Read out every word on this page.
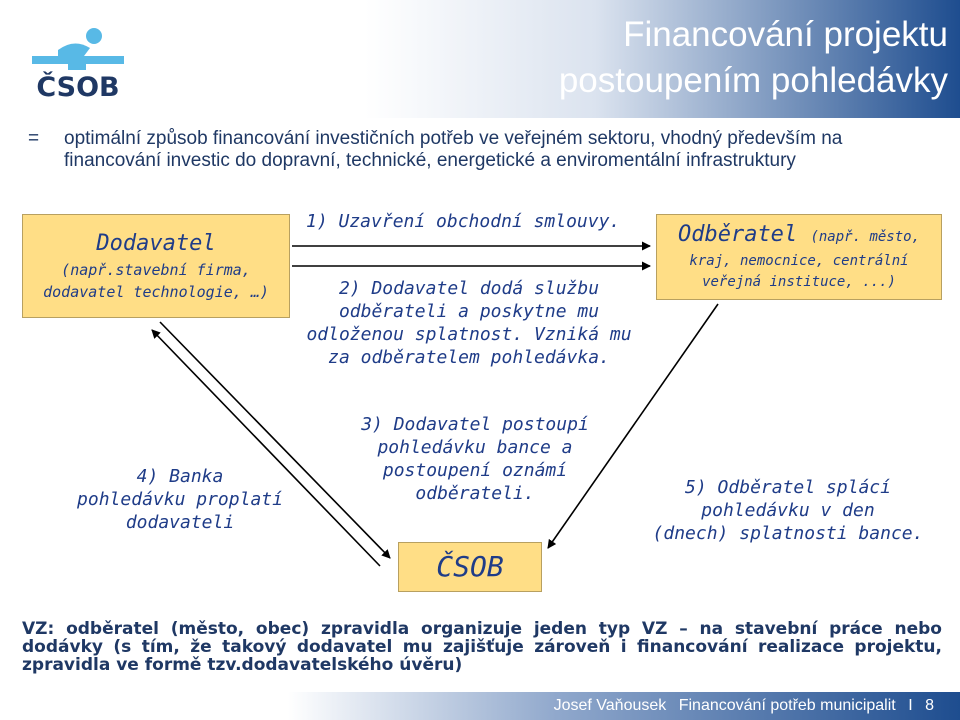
ČSOB
Financování projektu
postoupením pohledávky
=	optimální způsob financování investičních potřeb ve veřejném sektoru, vhodný především na financování investic do dopravní, technické, energetické a enviromentální infrastruktury
Dodavatel
(např.stavební firma,
dodavatel technologie, …)
Odběratel (např. město,
kraj, nemocnice, centrální
veřejná instituce, ...)
1) Uzavření obchodní smlouvy.
2) Dodavatel dodá službu
odběrateli a poskytne mu
odloženou splatnost. Vzniká mu
za odběratelem pohledávka.
3) Dodavatel postoupí
pohledávku bance a
postoupení oznámí
odběrateli.
4) Banka
pohledávku proplatí
dodavateli
5) Odběratel splácí
pohledávku v den
(dnech) splatnosti bance.
ČSOB
VZ: odběratel (město, obec) zpravidla organizuje jeden typ VZ – na stavební práce nebo dodávky (s tím, že takový dodavatel mu zajišťuje zároveň i financování realizace projektu, zpravidla ve formě tzv.dodavatelského úvěru)
Josef Vaňousek Financování potřeb municipalit I 8
